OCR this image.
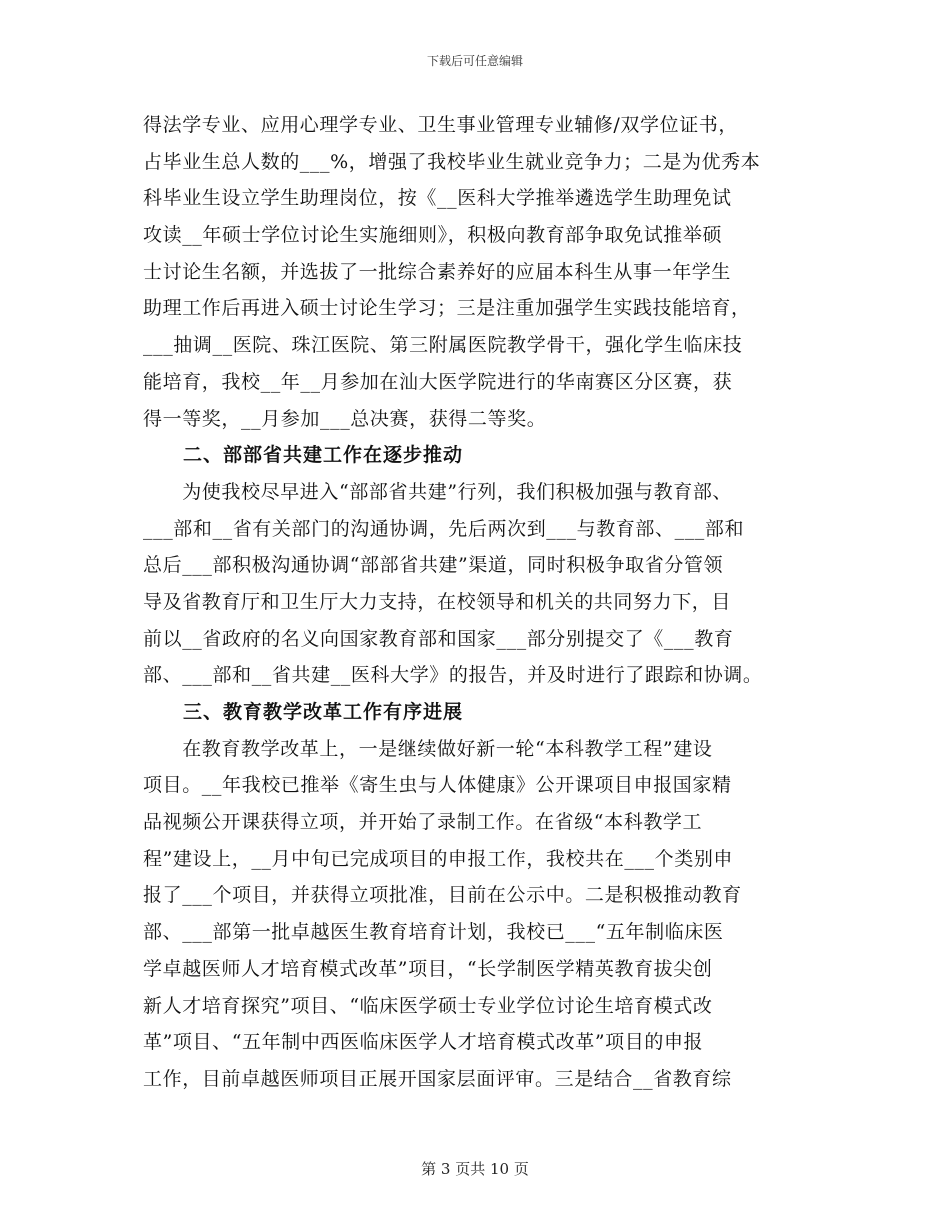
下载后可任意编辑
得法学专业、应用心理学专业、卫生事业管理专业辅修/双学位证书，
占毕业生总人数的___%，增强了我校毕业生就业竞争力；二是为优秀本
科毕业生设立学生助理岗位，按《__医科大学推举遴选学生助理免试
攻读__年硕士学位讨论生实施细则》，积极向教育部争取免试推举硕
士讨论生名额，并选拔了一批综合素养好的应届本科生从事一年学生
助理工作后再进入硕士讨论生学习；三是注重加强学生实践技能培育，
___抽调__医院、珠江医院、第三附属医院教学骨干，强化学生临床技
能培育，我校__年__月参加在汕大医学院进行的华南赛区分区赛，获
得一等奖，__月参加___总决赛，获得二等奖。
二、部部省共建工作在逐步推动
　　为使我校尽早进入“部部省共建”行列，我们积极加强与教育部、
___部和__省有关部门的沟通协调，先后两次到___与教育部、___部和
总后___部积极沟通协调“部部省共建”渠道，同时积极争取省分管领
导及省教育厅和卫生厅大力支持，在校领导和机关的共同努力下，目
前以__省政府的名义向国家教育部和国家___部分别提交了《___教育
部、___部和__省共建__医科大学》的报告，并及时进行了跟踪和协调。
三、教育教学改革工作有序进展
　　在教育教学改革上，一是继续做好新一轮“本科教学工程”建设
项目。__年我校已推举《寄生虫与人体健康》公开课项目申报国家精
品视频公开课获得立项，并开始了录制工作。在省级“本科教学工
程”建设上，__月中旬已完成项目的申报工作，我校共在___个类别申
报了___个项目，并获得立项批准，目前在公示中。二是积极推动教育
部、___部第一批卓越医生教育培育计划，我校已___“五年制临床医
学卓越医师人才培育模式改革”项目，“长学制医学精英教育拔尖创
新人才培育探究”项目、“临床医学硕士专业学位讨论生培育模式改
革”项目、“五年制中西医临床医学人才培育模式改革”项目的申报
工作，目前卓越医师项目正展开国家层面评审。三是结合__省教育综
第 3 页共 10 页
